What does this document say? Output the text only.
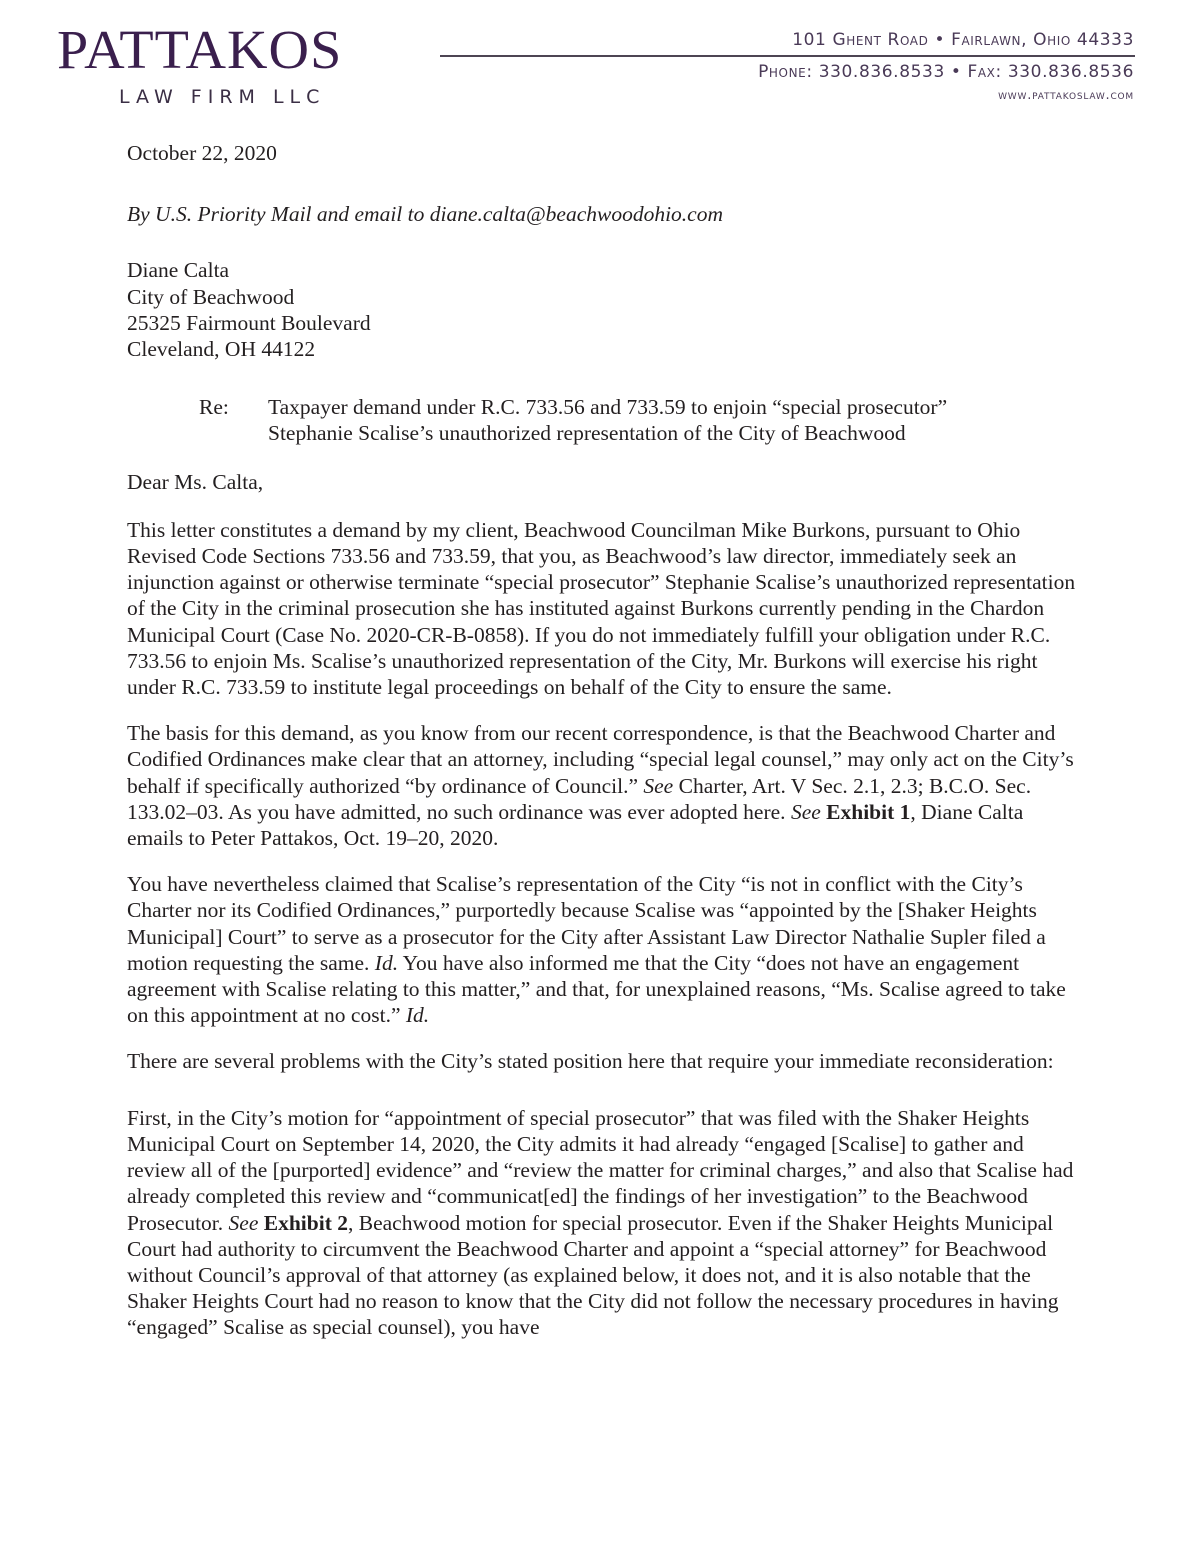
PATTAKOS
LAW FIRM LLC
101 Ghent Road • Fairlawn, Ohio 44333
Phone: 330.836.8533 • Fax: 330.836.8536
www.pattakoslaw.com

October 22, 2020

By U.S. Priority Mail and email to diane.calta@beachwoodohio.com

Diane Calta

City of Beachwood

25325 Fairmount Boulevard

Cleveland, OH 44122

Re:	Taxpayer demand under R.C. 733.56 and 733.59 to enjoin “special prosecutor”

Stephanie Scalise’s unauthorized representation of the City of Beachwood

Dear Ms. Calta,

This letter constitutes a demand by my client, Beachwood Councilman Mike Burkons, pursuant to Ohio Revised Code Sections 733.56 and 733.59, that you, as Beachwood’s law director, immediately seek an injunction against or otherwise terminate “special prosecutor” Stephanie Scalise’s unauthorized representation of the City in the criminal prosecution she has instituted against Burkons currently pending in the Chardon Municipal Court (Case No. 2020-CR-B-0858). If you do not immediately fulfill your obligation under R.C. 733.56 to enjoin Ms. Scalise’s unauthorized representation of the City, Mr. Burkons will exercise his right under R.C. 733.59 to institute legal proceedings on behalf of the City to ensure the same.

The basis for this demand, as you know from our recent correspondence, is that the Beachwood Charter and Codified Ordinances make clear that an attorney, including “special legal counsel,” may only act on the City’s behalf if specifically authorized “by ordinance of Council.” See Charter, Art. V Sec. 2.1, 2.3; B.C.O. Sec. 133.02–03. As you have admitted, no such ordinance was ever adopted here. See Exhibit 1, Diane Calta emails to Peter Pattakos, Oct. 19–20, 2020.

You have nevertheless claimed that Scalise’s representation of the City “is not in conflict with the City’s Charter nor its Codified Ordinances,” purportedly because Scalise was “appointed by the [Shaker Heights Municipal] Court” to serve as a prosecutor for the City after Assistant Law Director Nathalie Supler filed a motion requesting the same. Id. You have also informed me that the City “does not have an engagement agreement with Scalise relating to this matter,” and that, for unexplained reasons, “Ms. Scalise agreed to take on this appointment at no cost.” Id.

There are several problems with the City’s stated position here that require your immediate reconsideration:

First, in the City’s motion for “appointment of special prosecutor” that was filed with the Shaker Heights Municipal Court on September 14, 2020, the City admits it had already “engaged [Scalise] to gather and review all of the [purported] evidence” and “review the matter for criminal charges,” and also that Scalise had already completed this review and “communicat[ed] the findings of her investigation” to the Beachwood Prosecutor. See Exhibit 2, Beachwood motion for special prosecutor. Even if the Shaker Heights Municipal Court had authority to circumvent the Beachwood Charter and appoint a “special attorney” for Beachwood without Council’s approval of that attorney (as explained below, it does not, and it is also notable that the Shaker Heights Court had no reason to know that the City did not follow the necessary procedures in having “engaged” Scalise as special counsel), you have
